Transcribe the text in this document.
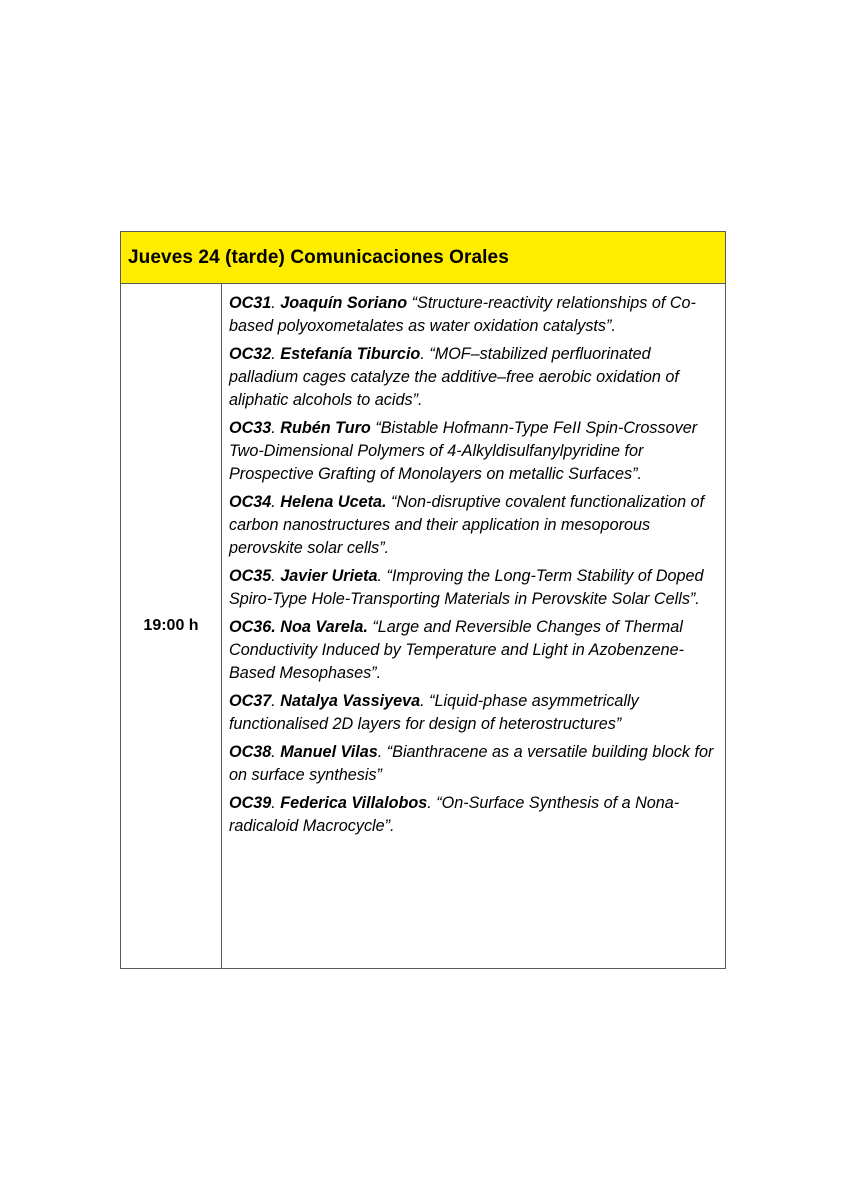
Jueves 24 (tarde) Comunicaciones Orales
19:00 h
OC31. Joaquín Soriano “Structure-reactivity relationships of Co-based polyoxometalates as water oxidation catalysts”.
OC32. Estefanía Tiburcio. “MOF–stabilized perfluorinated palladium cages catalyze the additive–free aerobic oxidation of aliphatic alcohols to acids”.
OC33. Rubén Turo “Bistable Hofmann-Type FeII Spin-Crossover Two-Dimensional Polymers of 4-Alkyldisulfanylpyridine for Prospective Grafting of Monolayers on metallic Surfaces”.
OC34. Helena Uceta. “Non-disruptive covalent functionalization of carbon nanostructures and their application in mesoporous perovskite solar cells”.
OC35. Javier Urieta. “Improving the Long-Term Stability of Doped Spiro-Type Hole-Transporting Materials in Perovskite Solar Cells”.
OC36. Noa Varela. “Large and Reversible Changes of Thermal Conductivity Induced by Temperature and Light in Azobenzene-Based Mesophases”.
OC37. Natalya Vassiyeva. “Liquid-phase asymmetrically functionalised 2D layers for design of heterostructures”
OC38. Manuel Vilas. “Bianthracene as a versatile building block for on surface synthesis”
OC39. Federica Villalobos. “On-Surface Synthesis of a Nona-radicaloid Macrocycle”.
